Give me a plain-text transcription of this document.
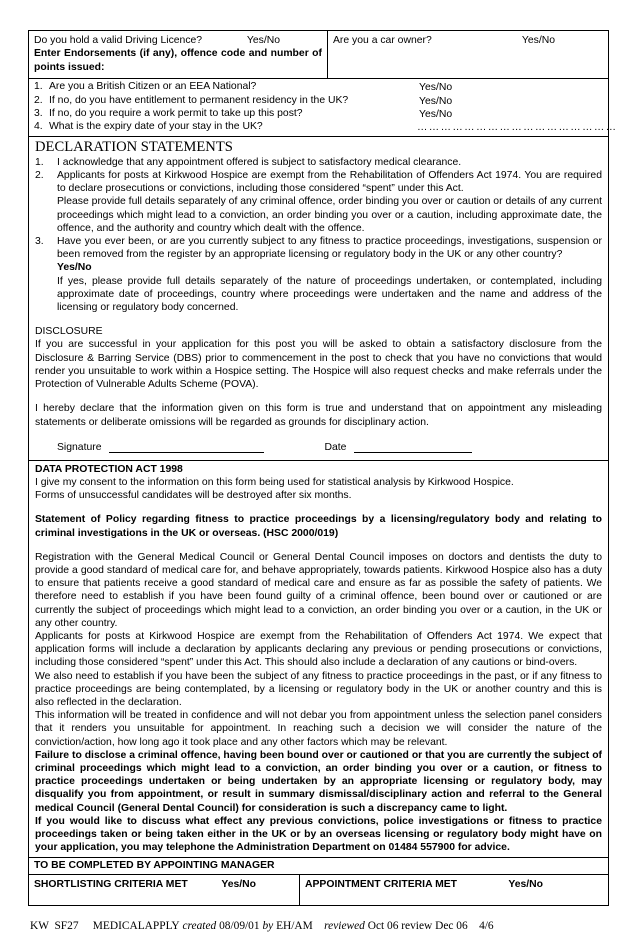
Do you hold a valid Driving Licence?	Yes/No
Enter Endorsements (if any), offence code and number of points issued:
Are you a car owner?	Yes/No
1. Are you a British Citizen or an EEA National?	Yes/No
2. If no, do you have entitlement to permanent residency in the UK?	Yes/No
3. If no, do you require a work permit to take up this post?	Yes/No
4. What is the expiry date of your stay in the UK?	……………………………………………
DECLARATION STATEMENTS
1.	I acknowledge that any appointment offered is subject to satisfactory medical clearance.
2.	Applicants for posts at Kirkwood Hospice are exempt from the Rehabilitation of Offenders Act 1974. You are required to declare prosecutions or convictions, including those considered “spent” under this Act.
Please provide full details separately of any criminal offence, order binding you over or caution or details of any current proceedings which might lead to a conviction, an order binding you over or a caution, including approximate date, the offence, and the authority and country which dealt with the offence.
3.	Have you ever been, or are you currently subject to any fitness to practice proceedings, investigations, suspension or been removed from the register by an appropriate licensing or regulatory body in the UK or any other country?
Yes/No
If yes, please provide full details separately of the nature of proceedings undertaken, or contemplated, including approximate date of proceedings, country where proceedings were undertaken and the name and address of the licensing or regulatory body concerned.
DISCLOSURE
If you are successful in your application for this post you will be asked to obtain a satisfactory disclosure from the Disclosure & Barring Service (DBS) prior to commencement in the post to check that you have no convictions that would render you unsuitable to work within a Hospice setting. The Hospice will also request checks and make referrals under the Protection of Vulnerable Adults Scheme (POVA).
I hereby declare that the information given on this form is true and understand that on appointment any misleading statements or deliberate omissions will be regarded as grounds for disciplinary action.
Signature	Date
DATA PROTECTION ACT 1998
I give my consent to the information on this form being used for statistical analysis by Kirkwood Hospice.
Forms of unsuccessful candidates will be destroyed after six months.
Statement of Policy regarding fitness to practice proceedings by a licensing/regulatory body and relating to criminal investigations in the UK or overseas. (HSC 2000/019)
Registration with the General Medical Council or General Dental Council imposes on doctors and dentists the duty to provide a good standard of medical care for, and behave appropriately, towards patients. Kirkwood Hospice also has a duty to ensure that patients receive a good standard of medical care and ensure as far as possible the safety of patients. We therefore need to establish if you have been found guilty of a criminal offence, been bound over or cautioned or are currently the subject of proceedings which might lead to a conviction, an order binding you over or a caution, in the UK or any other country.
Applicants for posts at Kirkwood Hospice are exempt from the Rehabilitation of Offenders Act 1974. We expect that application forms will include a declaration by applicants declaring any previous or pending prosecutions or convictions, including those considered “spent” under this Act. This should also include a declaration of any cautions or bind-overs.
We also need to establish if you have been the subject of any fitness to practice proceedings in the past, or if any fitness to practice proceedings are being contemplated, by a licensing or regulatory body in the UK or another country and this is also reflected in the declaration.
This information will be treated in confidence and will not debar you from appointment unless the selection panel considers that it renders you unsuitable for appointment. In reaching such a decision we will consider the nature of the conviction/action, how long ago it took place and any other factors which may be relevant.
Failure to disclose a criminal offence, having been bound over or cautioned or that you are currently the subject of criminal proceedings which might lead to a conviction, an order binding you over or a caution, or fitness to practice proceedings undertaken or being undertaken by an appropriate licensing or regulatory body, may disqualify you from appointment, or result in summary dismissal/disciplinary action and referral to the General medical Council (General Dental Council) for consideration is such a discrepancy came to light.
If you would like to discuss what effect any previous convictions, police investigations or fitness to practice proceedings taken or being taken either in the UK or by an overseas licensing or regulatory body might have on your application, you may telephone the Administration Department on 01484 557900 for advice.
TO BE COMPLETED BY APPOINTING MANAGER
SHORTLISTING CRITERIA MET	Yes/No	APPOINTMENT CRITERIA MET	Yes/No
KW  SF27
MEDICALAPPLY
created
08/09/01
by
EH/AM
reviewed
Oct 06 review Dec 06
4/6
